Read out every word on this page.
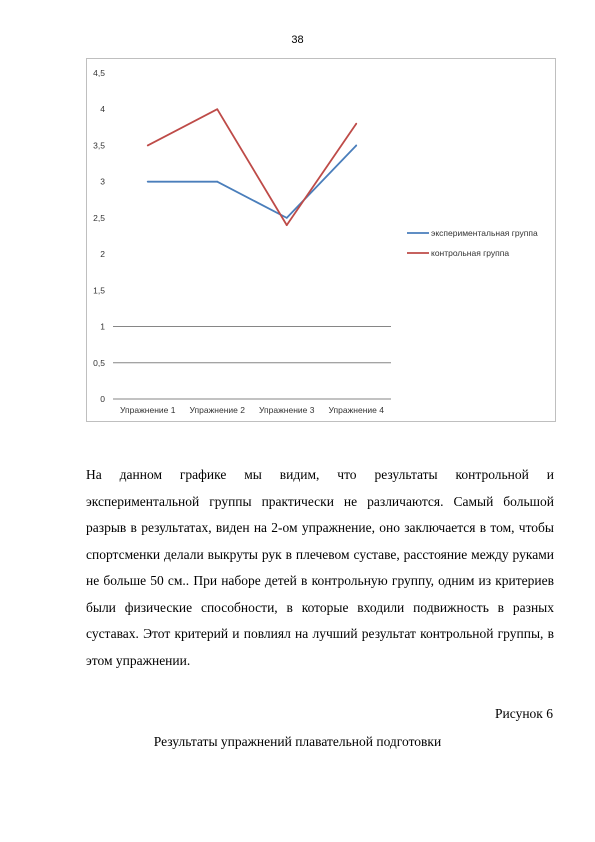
38
0
0,5
1
1,5
2
2,5
3
3,5
4
4,5
Упражнение 1 Упражнение 2 Упражнение 3 Упражнение 4
экспериментальная группа
контрольная группа

На данном графике мы видим, что результаты контрольной и экспериментальной группы практически не различаются. Самый большой разрыв в результатах, виден на 2-ом упражнение, оно заключается в том, чтобы спортсменки делали выкруты рук в плечевом суставе, расстояние между руками не больше 50 см.. При наборе детей в контрольную группу, одним из критериев были физические способности, в которые входили подвижность в разных суставах. Этот критерий и повлиял на лучший результат контрольной группы, в этом упражнении.

Рисунок 6
Результаты упражнений плавательной подготовки
